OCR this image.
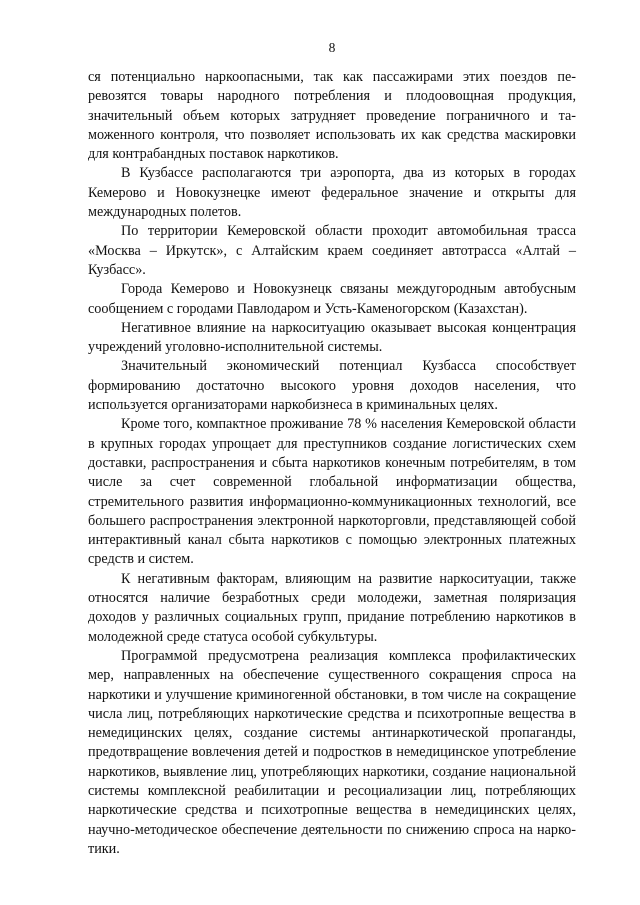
8

ся потенциально наркоопасными, так как пассажирами этих поездов перевозятся товары народного потребления и плодоовощная продукция, значительный объем которых затрудняет проведение пограничного и таможенного контроля, что позволяет использовать их как средства маскировки для контрабандных поставок наркотиков.

В Кузбассе располагаются три аэропорта, два из которых в городах Кемерово и Новокузнецке имеют федеральное значение и открыты для международных полетов.

По территории Кемеровской области проходит автомобильная трасса «Москва – Иркутск», с Алтайским краем соединяет автотрасса «Алтай – Кузбасс».

Города Кемерово и Новокузнецк связаны междугородным автобусным сообщением с городами Павлодаром и Усть-Каменогорском (Казахстан).

Негативное влияние на наркоситуацию оказывает высокая концентрация учреждений уголовно-исполнительной системы.

Значительный экономический потенциал Кузбасса способствует формированию достаточно высокого уровня доходов населения, что используется организаторами наркобизнеса в криминальных целях.

Кроме того, компактное проживание 78 % населения Кемеровской области в крупных городах упрощает для преступников создание логистических схем доставки, распространения и сбыта наркотиков конечным потребителям, в том числе за счет современной глобальной информатизации общества, стремительного развития информационно-коммуникационных технологий, все большего распространения электронной наркоторговли, представляющей собой интерактивный канал сбыта наркотиков с помощью электронных платежных средств и систем.

К негативным факторам, влияющим на развитие наркоситуации, также относятся наличие безработных среди молодежи, заметная поляризация доходов у различных социальных групп, придание потреблению наркотиков в молодежной среде статуса особой субкультуры.

Программой предусмотрена реализация комплекса профилактических мер, направленных на обеспечение существенного сокращения спроса на наркотики и улучшение криминогенной обстановки, в том числе на сокращение числа лиц, потребляющих наркотические средства и психотропные вещества в немедицинских целях, создание системы антинаркотической пропаганды, предотвращение вовлечения детей и подростков в немедицинское употребление наркотиков, выявление лиц, употребляющих наркотики, создание национальной системы комплексной реабилитации и ресоциализации лиц, потребляющих наркотические средства и психотропные вещества в немедицинских целях, научно-методическое обеспечение деятельности по снижению спроса на наркотики.
